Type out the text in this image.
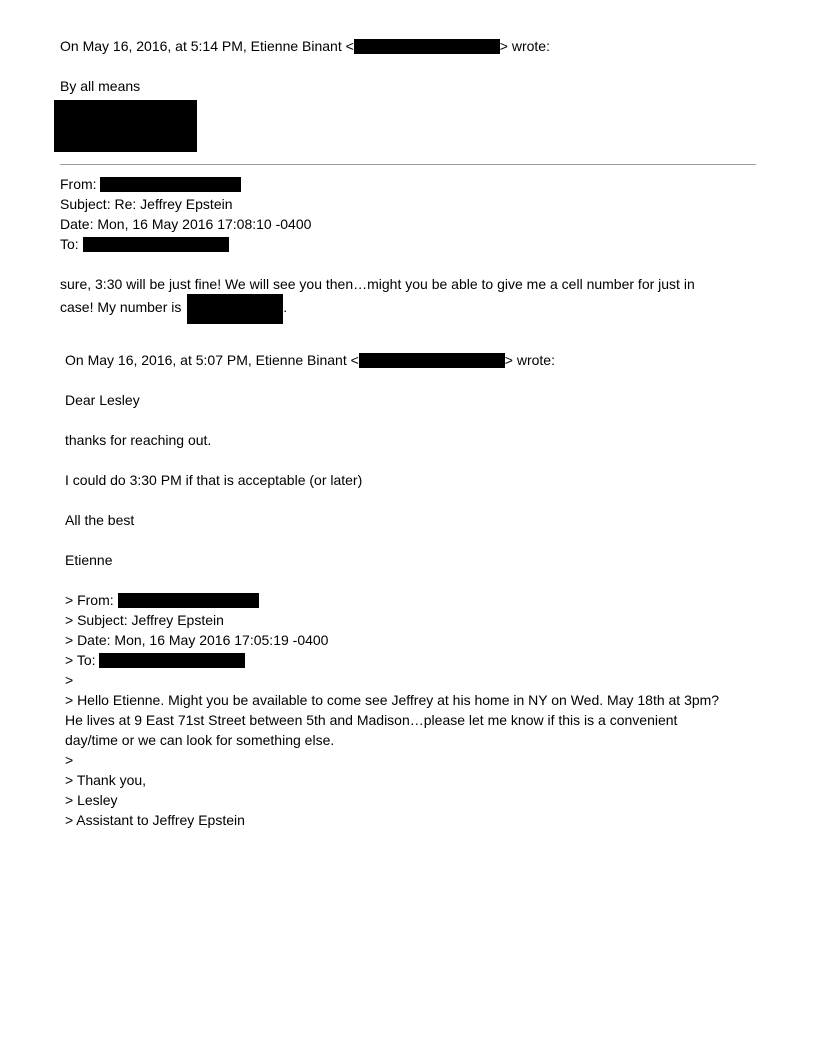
On May 16, 2016, at 5:14 PM, Etienne Binant <	> wrote:
By all means
From:
Subject: Re: Jeffrey Epstein
Date: Mon, 16 May 2016 17:08:10 -0400
To:
sure, 3:30 will be just fine! We will see you then…might you be able to give me a cell number for just in
case! My number is	.
On May 16, 2016, at 5:07 PM, Etienne Binant <	> wrote:
Dear Lesley
thanks for reaching out.
I could do 3:30 PM if that is acceptable (or later)
All the best
Etienne
> From:
> Subject: Jeffrey Epstein
> Date: Mon, 16 May 2016 17:05:19 -0400
> To:
>
> Hello Etienne. Might you be available to come see Jeffrey at his home in NY on Wed. May 18th at 3pm?
He lives at 9 East 71st Street between 5th and Madison…please let me know if this is a convenient
day/time or we can look for something else.
>
> Thank you,
> Lesley
> Assistant to Jeffrey Epstein
